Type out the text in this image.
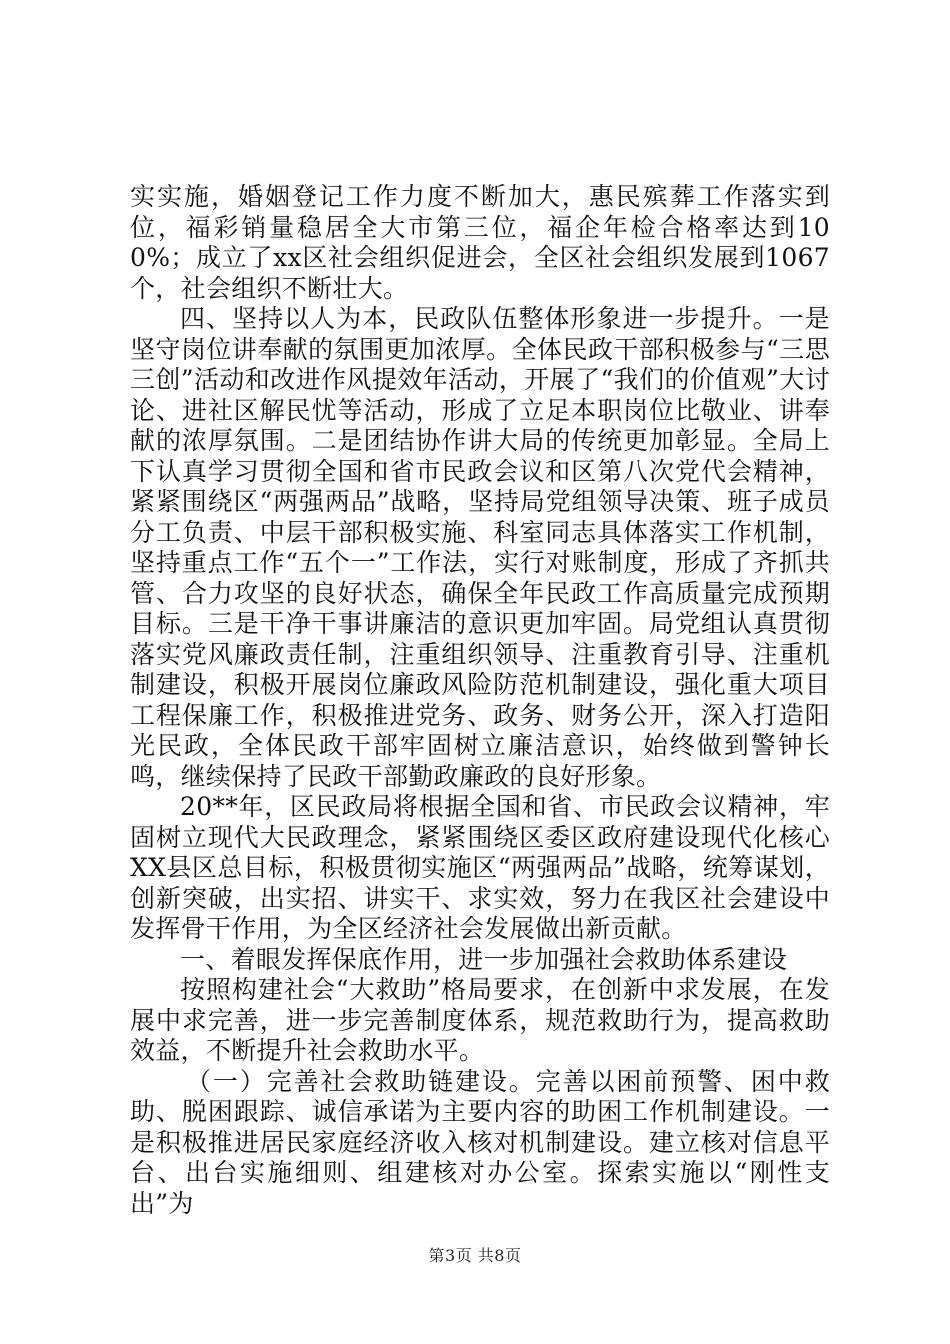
实实施，婚姻登记工作力度不断加大，惠民殡葬工作落实到位，福彩销量稳居全大市第三位，福企年检合格率达到100%；成立了xx区社会组织促进会，全区社会组织发展到1067个，社会组织不断壮大。

四、坚持以人为本，民政队伍整体形象进一步提升。一是坚守岗位讲奉献的氛围更加浓厚。全体民政干部积极参与“三思三创”活动和改进作风提效年活动，开展了“我们的价值观”大讨论、进社区解民忧等活动，形成了立足本职岗位比敬业、讲奉献的浓厚氛围。二是团结协作讲大局的传统更加彰显。全局上下认真学习贯彻全国和省市民政会议和区第八次党代会精神，紧紧围绕区“两强两品”战略，坚持局党组领导决策、班子成员分工负责、中层干部积极实施、科室同志具体落实工作机制，坚持重点工作“五个一”工作法，实行对账制度，形成了齐抓共管、合力攻坚的良好状态，确保全年民政工作高质量完成预期目标。三是干净干事讲廉洁的意识更加牢固。局党组认真贯彻落实党风廉政责任制，注重组织领导、注重教育引导、注重机制建设，积极开展岗位廉政风险防范机制建设，强化重大项目工程保廉工作，积极推进党务、政务、财务公开，深入打造阳光民政，全体民政干部牢固树立廉洁意识，始终做到警钟长鸣，继续保持了民政干部勤政廉政的良好形象。

20**年，区民政局将根据全国和省、市民政会议精神，牢固树立现代大民政理念，紧紧围绕区委区政府建设现代化核心XX县区总目标，积极贯彻实施区“两强两品”战略，统筹谋划，创新突破，出实招、讲实干、求实效，努力在我区社会建设中发挥骨干作用，为全区经济社会发展做出新贡献。

一、着眼发挥保底作用，进一步加强社会救助体系建设

按照构建社会“大救助”格局要求，在创新中求发展，在发展中求完善，进一步完善制度体系，规范救助行为，提高救助效益，不断提升社会救助水平。

（一）完善社会救助链建设。完善以困前预警、困中救助、脱困跟踪、诚信承诺为主要内容的助困工作机制建设。一是积极推进居民家庭经济收入核对机制建设。建立核对信息平台、出台实施细则、组建核对办公室。探索实施以“刚性支出”为

第3页 共8页
